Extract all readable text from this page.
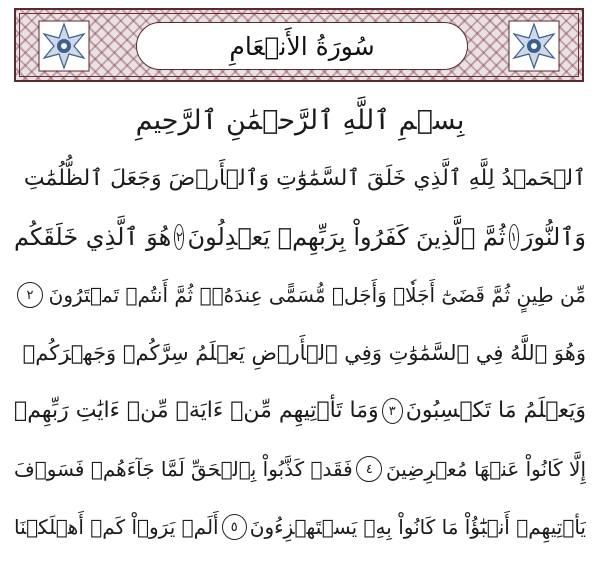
سُورَةُ الأَنۡعَامِ
بِسۡمِ ٱللَّهِ ٱلرَّحۡمَٰنِ ٱلرَّحِيمِ
ٱلۡحَمۡدُ لِلَّهِ ٱلَّذِي خَلَقَ ٱلسَّمَٰوَٰتِ وَٱلۡأَرۡضَ وَجَعَلَ ٱلظُّلُمَٰتِ
وَٱلنُّورَ
١
ثُمَّ ٱلَّذِينَ كَفَرُواْ بِرَبِّهِمۡ يَعۡدِلُونَ
٢
هُوَ ٱلَّذِي خَلَقَكُم
مِّن طِينٍ ثُمَّ قَضَىٰٓ أَجَلٗاۖ وَأَجَلٞ مُّسَمًّى عِندَهُۥۖ ثُمَّ أَنتُمۡ تَمۡتَرُونَ
٢
وَهُوَ ٱللَّهُ فِي ٱلسَّمَٰوَٰتِ وَفِي ٱلۡأَرۡضِ يَعۡلَمُ سِرَّكُمۡ وَجَهۡرَكُمۡ
وَيَعۡلَمُ مَا تَكۡسِبُونَ
٣
وَمَا تَأۡتِيهِم مِّنۡ ءَايَةٖ مِّنۡ ءَايَٰتِ رَبِّهِمۡ
إِلَّا كَانُواْ عَنۡهَا مُعۡرِضِينَ
٤
فَقَدۡ كَذَّبُواْ بِٱلۡحَقِّ لَمَّا جَآءَهُمۡ فَسَوۡفَ
يَأۡتِيهِمۡ أَنۢبَٰٓؤُاْ مَا كَانُواْ بِهِۦ يَسۡتَهۡزِءُونَ
٥
أَلَمۡ يَرَوۡاْ كَمۡ أَهۡلَكۡنَا
